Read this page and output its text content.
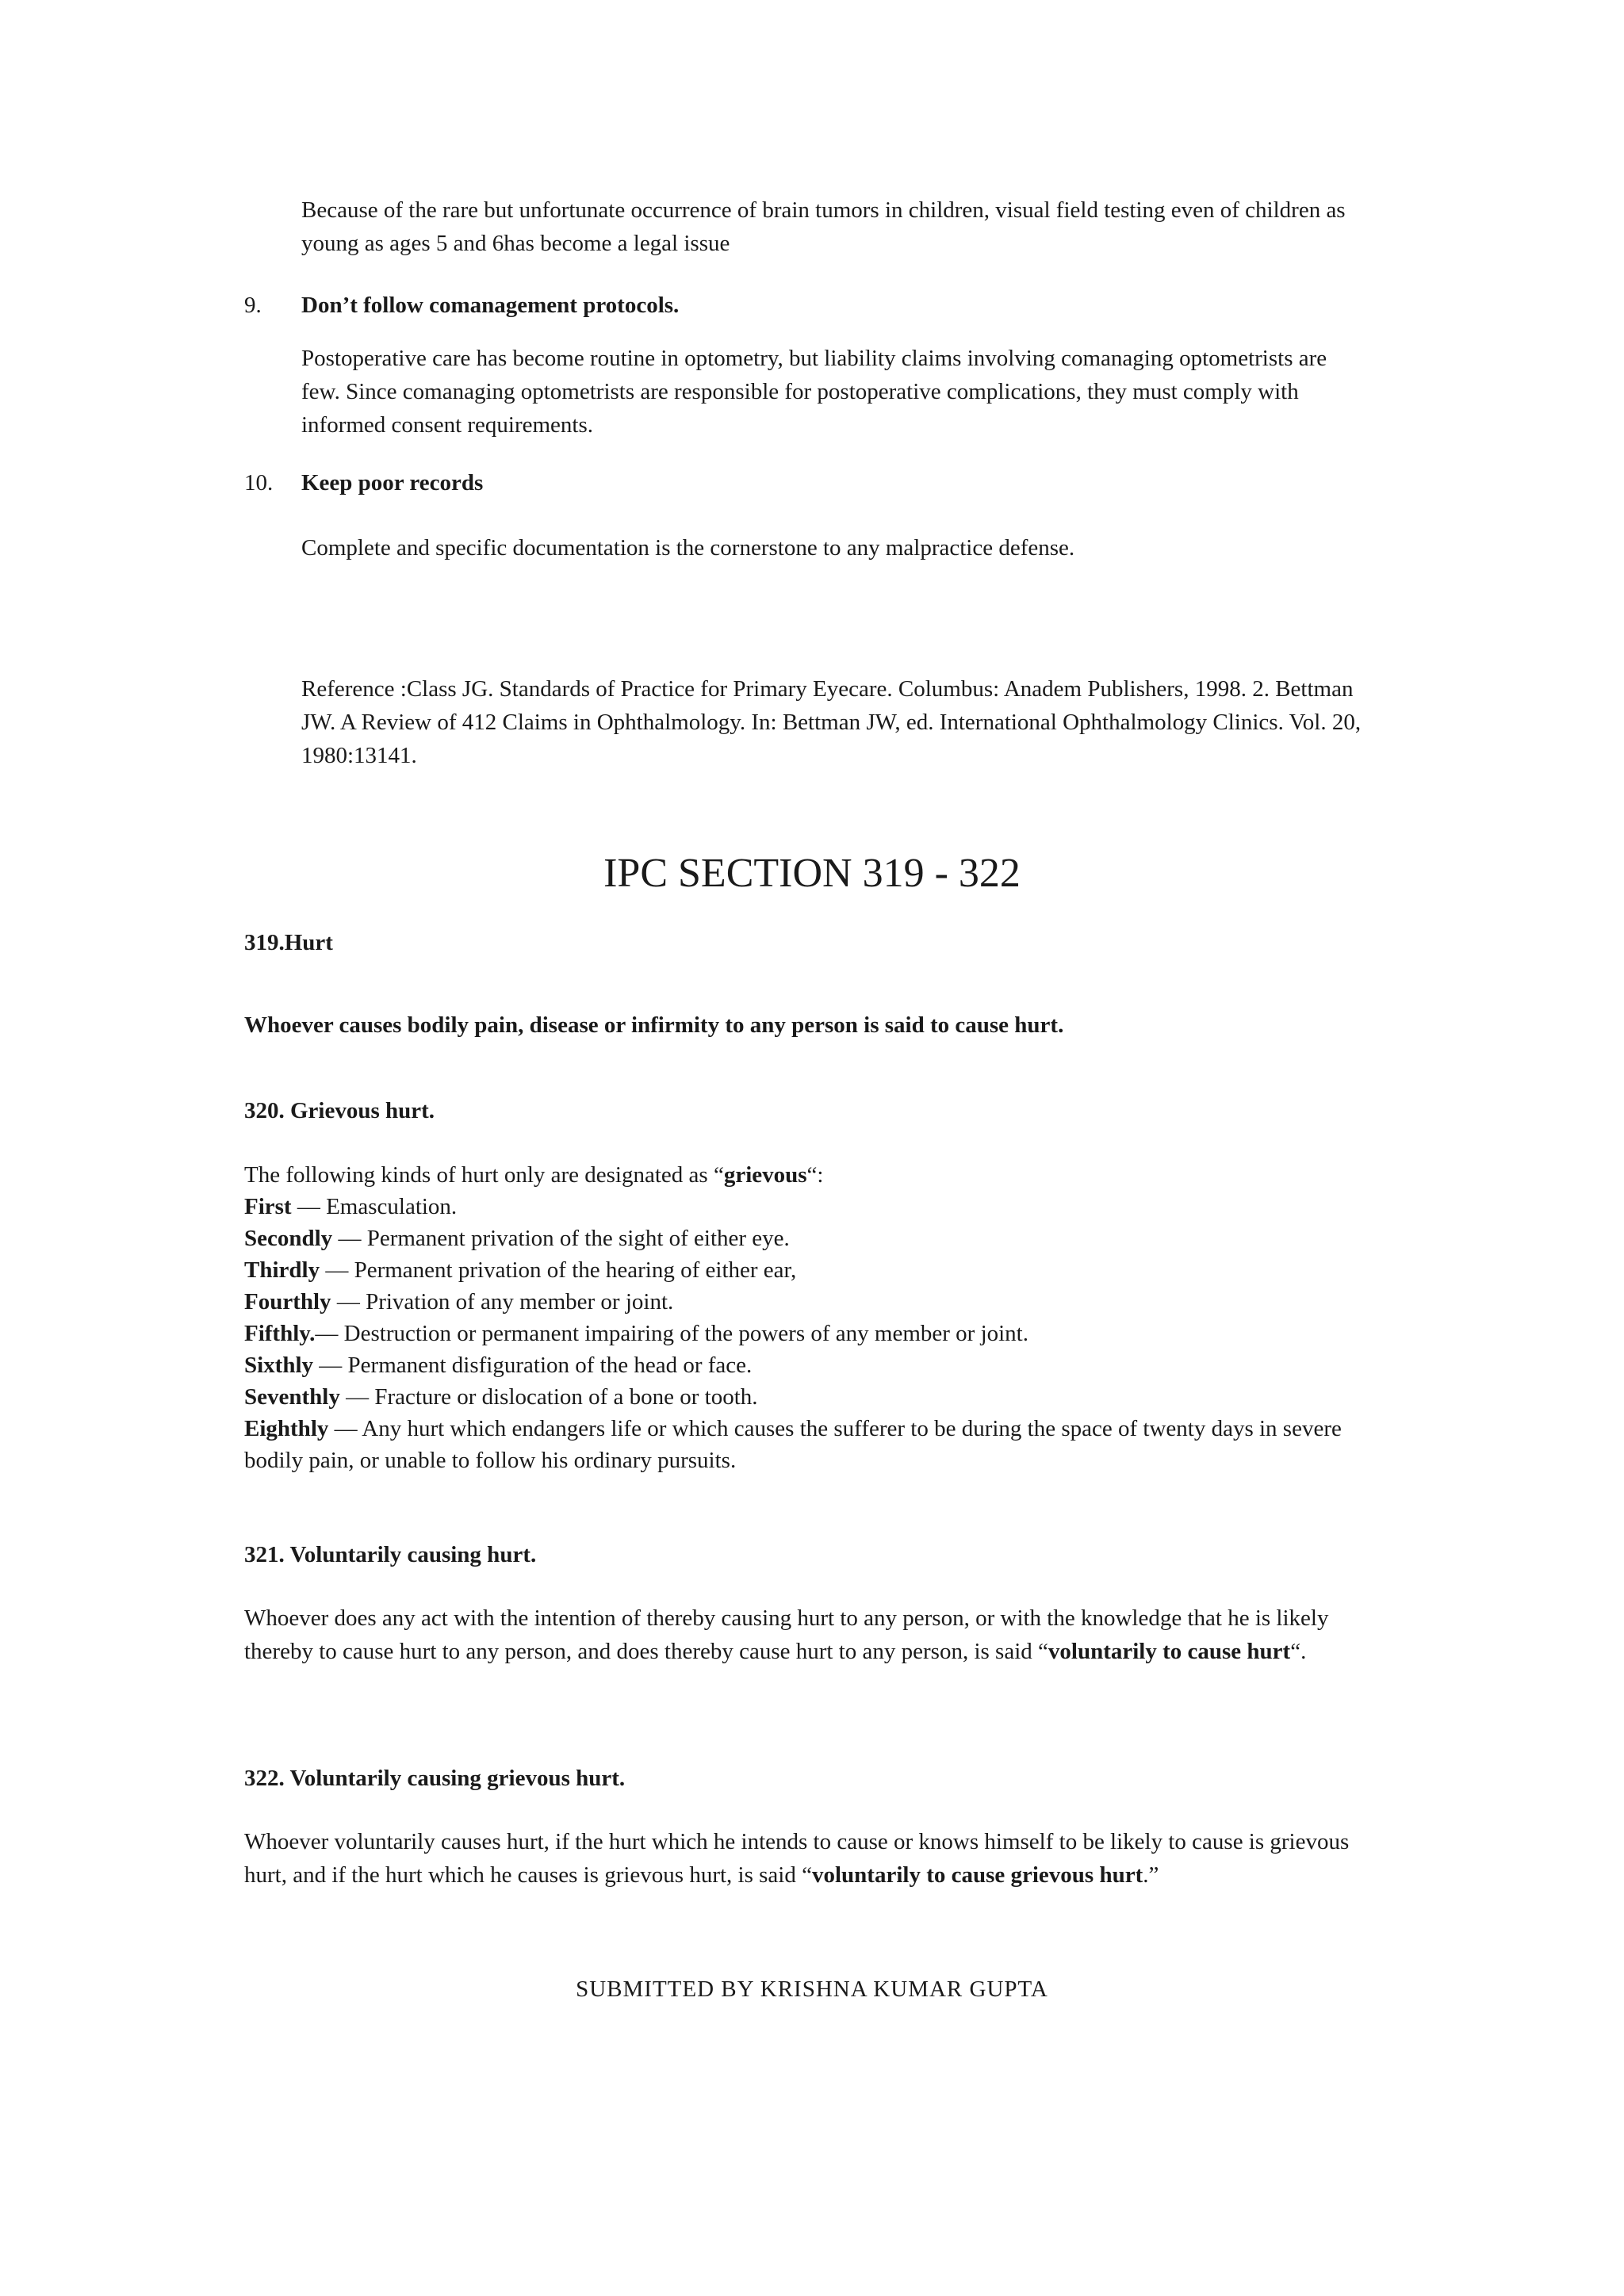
Because of the rare but unfortunate occurrence of brain tumors in children, visual field testing even of children as young as ages 5 and 6has become a legal issue

9. Don’t follow comanagement protocols.

Postoperative care has become routine in optometry, but liability claims involving comanaging optometrists are few. Since comanaging optometrists are responsible for postoperative complications, they must comply with informed consent requirements.

10. Keep poor records

Complete and specific documentation is the cornerstone to any malpractice defense.

Reference :Class JG. Standards of Practice for Primary Eyecare. Columbus: Anadem Publishers, 1998. 2. Bettman JW. A Review of 412 Claims in Ophthalmology. In: Bettman JW, ed. International Ophthalmology Clinics. Vol. 20, 1980:13141.

IPC SECTION 319 - 322
319.Hurt
Whoever causes bodily pain, disease or infirmity to any person is said to cause hurt.
320. Grievous hurt.
The following kinds of hurt only are designated as “grievous“:
First — Emasculation.
Secondly — Permanent privation of the sight of either eye.
Thirdly — Permanent privation of the hearing of either ear,
Fourthly — Privation of any member or joint.
Fifthly.— Destruction or permanent impairing of the powers of any member or joint.
Sixthly — Permanent disfiguration of the head or face.
Seventhly — Fracture or dislocation of a bone or tooth.
Eighthly — Any hurt which endangers life or which causes the sufferer to be during the space of twenty days in severe bodily pain, or unable to follow his ordinary pursuits.
321. Voluntarily causing hurt.

Whoever does any act with the intention of thereby causing hurt to any person, or with the knowledge that he is likely thereby to cause hurt to any person, and does thereby cause hurt to any person, is said “voluntarily to cause hurt“.

322. Voluntarily causing grievous hurt.

Whoever voluntarily causes hurt, if the hurt which he intends to cause or knows himself to be likely to cause is grievous hurt, and if the hurt which he causes is grievous hurt, is said “voluntarily to cause grievous hurt.”

SUBMITTED BY KRISHNA KUMAR GUPTA
